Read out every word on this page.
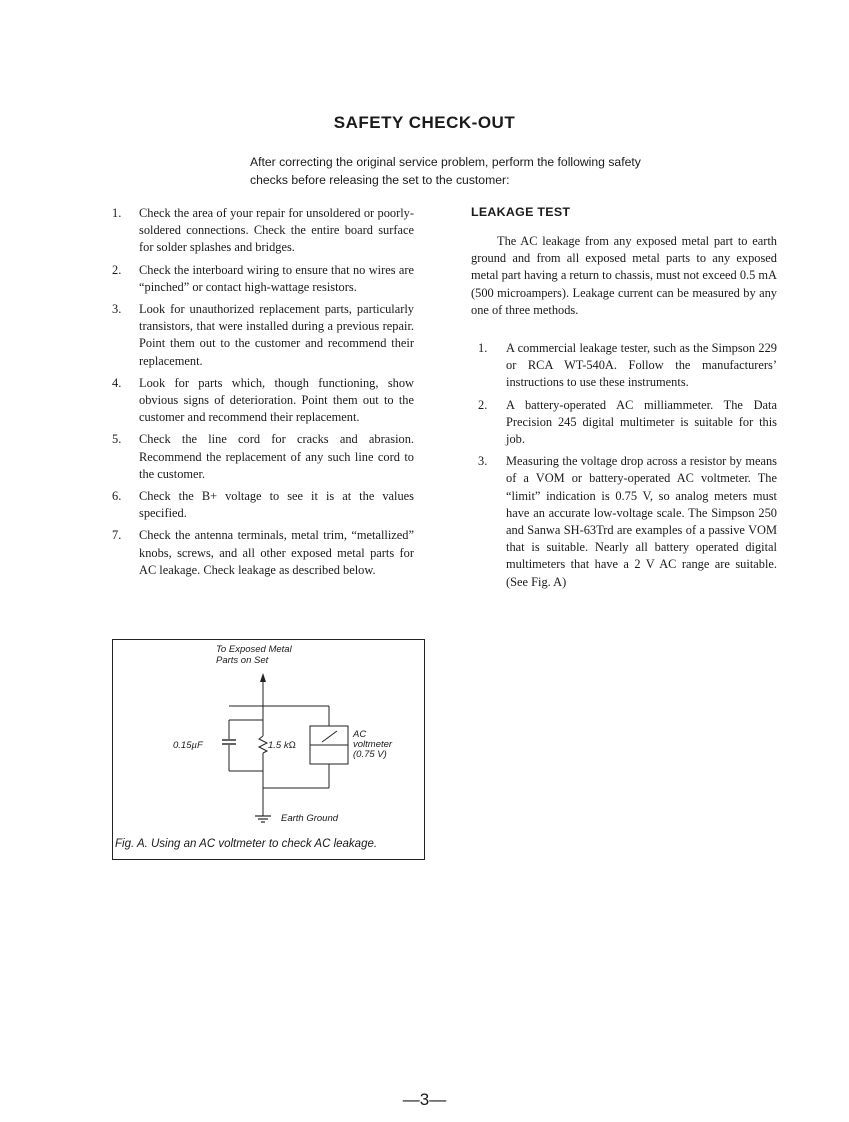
SAFETY CHECK-OUT

After correcting the original service problem, perform the following safety checks before releasing the set to the customer:

1. Check the area of your repair for unsoldered or poorly-soldered connections. Check the entire board surface for solder splashes and bridges.
2. Check the interboard wiring to ensure that no wires are “pinched” or contact high-wattage resistors.
3. Look for unauthorized replacement parts, particularly transistors, that were installed during a previous repair. Point them out to the customer and recommend their replacement.
4. Look for parts which, though functioning, show obvious signs of deterioration. Point them out to the customer and recommend their replacement.
5. Check the line cord for cracks and abrasion. Recommend the replacement of any such line cord to the customer.
6. Check the B+ voltage to see it is at the values specified.
7. Check the antenna terminals, metal trim, “metallized” knobs, screws, and all other exposed metal parts for AC leakage. Check leakage as described below.
LEAKAGE TEST

The AC leakage from any exposed metal part to earth ground and from all exposed metal parts to any exposed metal part having a return to chassis, must not exceed 0.5 mA (500 microampers). Leakage current can be measured by any one of three methods.

1. A commercial leakage tester, such as the Simpson 229 or RCA WT-540A. Follow the manufacturers’ instructions to use these instruments.
2. A battery-operated AC milliammeter. The Data Precision 245 digital multimeter is suitable for this job.
3. Measuring the voltage drop across a resistor by means of a VOM or battery-operated AC voltmeter. The “limit” indication is 0.75 V, so analog meters must have an accurate low-voltage scale. The Simpson 250 and Sanwa SH-63Trd are examples of a passive VOM that is suitable. Nearly all battery operated digital multimeters that have a 2 V AC range are suitable. (See Fig. A)

To Exposed Metal

Parts on Set

0.15µF	1.5 kΩ

AC

voltmeter

(0.75 V)

Earth Ground

Fig. A. Using an AC voltmeter to check AC leakage.

—3—
